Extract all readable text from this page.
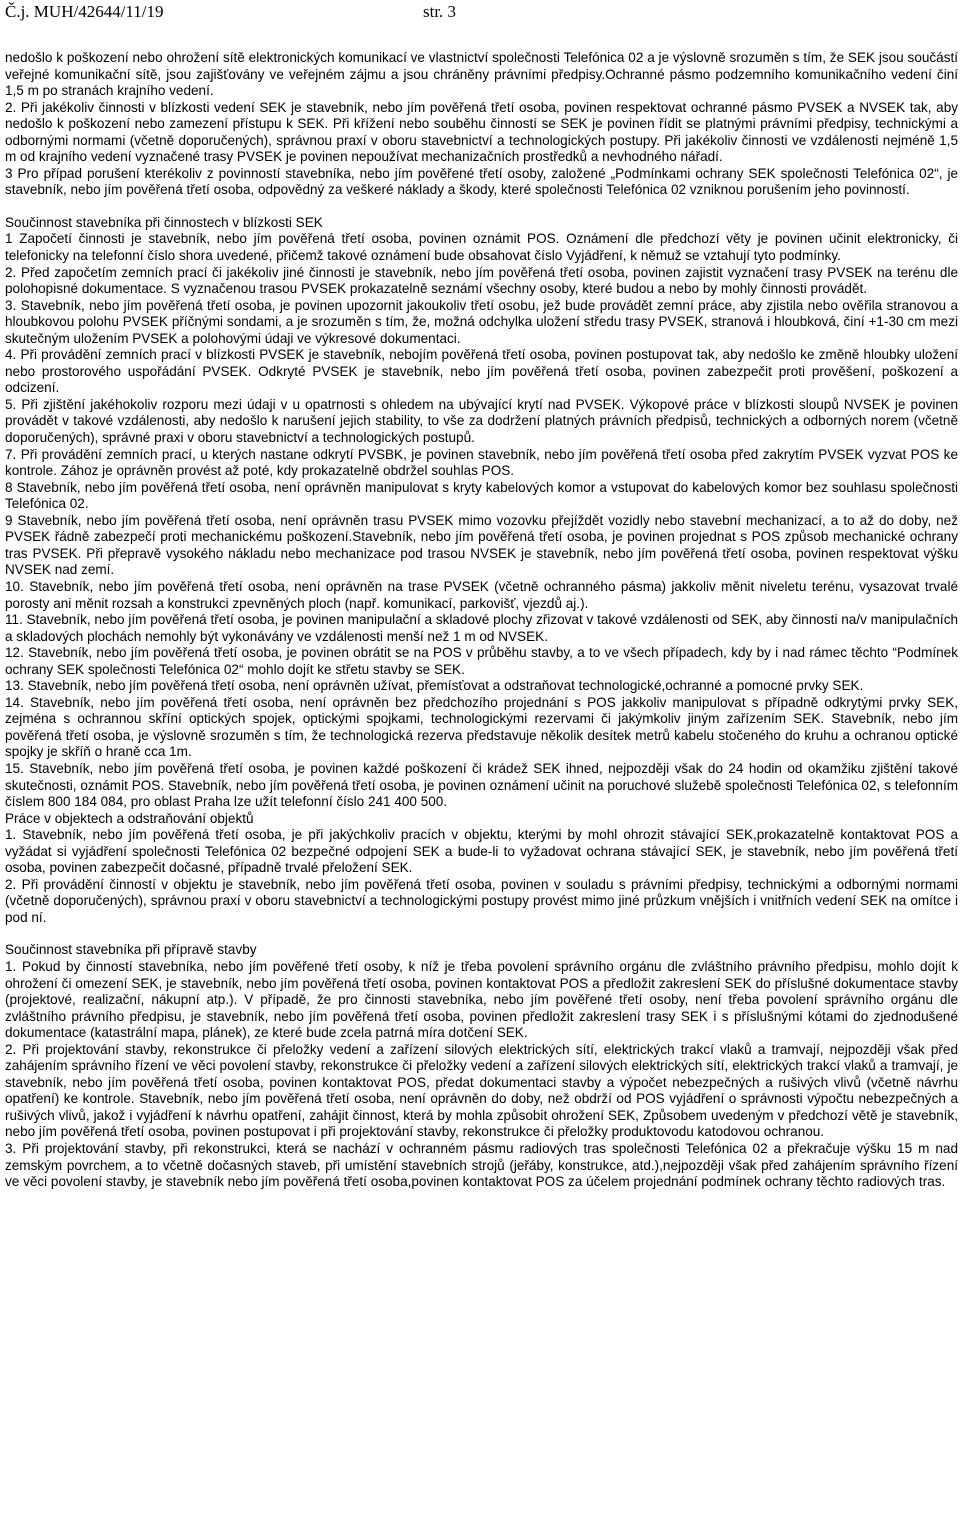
Č.j. MUH/42644/11/19	str. 3

nedošlo k poškození nebo ohrožení sítě elektronických komunikací ve vlastnictví společnosti Telefónica 02 a je výslovně srozuměn s tím, že SEK jsou součástí veřejné komunikační sítě, jsou zajišťovány ve veřejném zájmu a jsou chráněny právními předpisy.Ochranné pásmo podzemního komunikačního vedení činí 1,5 m po stranách krajního vedení.

2. Při jakékoliv činnosti v blízkosti vedení SEK je stavebník, nebo jím pověřená třetí osoba, povinen respektovat ochranné pásmo PVSEK a NVSEK tak, aby nedošlo k poškození nebo zamezení přístupu k SEK. Při křížení nebo souběhu činností se SEK je povinen řídit se platnými právními předpisy, technickými a odbornými normami (včetně doporučených), správnou praxí v oboru stavebnictví a technologických postupy. Při jakékoliv činnosti ve vzdálenosti nejméně 1,5 m od krajního vedení vyznačené trasy PVSEK je povinen nepoužívat mechanizačních prostředků a nevhodného nářadí.

3 Pro případ porušení kterékoliv z povinností stavebníka, nebo jím pověřené třetí osoby, založené „Podmínkami ochrany SEK společnosti Telefónica 02“, je stavebník, nebo jím pověřená třetí osoba, odpovědný za veškeré náklady a škody, které společnosti Telefónica 02 vzniknou porušením jeho povinností.

Součinnost stavebníka při činnostech v blízkosti SEK

1 Započetí činnosti je stavebník, nebo jím pověřená třetí osoba, povinen oznámit POS. Oznámení dle předchozí věty je povinen učinit elektronicky, či telefonicky na telefonní číslo shora uvedené, přičemž takové oznámení bude obsahovat číslo Vyjádření, k němuž se vztahují tyto podmínky.

2. Před započetím zemních prací či jakékoliv jiné činnosti je stavebník, nebo jím pověřená třetí osoba, povinen zajistit vyznačení trasy PVSEK na terénu dle polohopisné dokumentace. S vyznačenou trasou PVSEK prokazatelně seznámí všechny osoby, které budou a nebo by mohly činnosti provádět.

3. Stavebník, nebo jím pověřená třetí osoba, je povinen upozornit jakoukoliv třetí osobu, jež bude provádět zemní práce, aby zjistila nebo ověřila stranovou a hloubkovou polohu PVSEK příčnými sondami, a je srozuměn s tím, že, možná odchylka uložení středu trasy PVSEK, stranová i hloubková, činí +1-30 cm mezi skutečným uložením PVSEK a polohovými údaji ve výkresové dokumentaci.

4. Při provádění zemních prací v blízkosti PVSEK je stavebník, nebojím pověřená třetí osoba, povinen postupovat tak, aby nedošlo ke změně hloubky uložení nebo prostorového uspořádání PVSEK. Odkryté PVSEK je stavebník, nebo jím pověřená třetí osoba, povinen zabezpečit proti prověšení, poškození a odcizení.

5. Při zjištění jakéhokoliv rozporu mezi údaji v u opatrnosti s ohledem na ubývající krytí nad PVSEK. Výkopové práce v blízkosti sloupů NVSEK je povinen provádět v takové vzdálenosti, aby nedošlo k narušení jejich stability, to vše za dodržení platných právních předpisů, technických a odborných norem (včetně doporučených), správné praxi v oboru stavebnictví a technologických postupů.

7. Při provádění zemních prací, u kterých nastane odkrytí PVSBK, je povinen stavebník, nebo jím pověřená třetí osoba před zakrytím PVSEK vyzvat POS ke kontrole. Zához je oprávněn provést až poté, kdy prokazatelně obdržel souhlas POS.

8 Stavebník, nebo jím pověřená třetí osoba, není oprávněn manipulovat s kryty kabelových komor a vstupovat do kabelových komor bez souhlasu společnosti Telefónica 02.

9 Stavebník, nebo jím pověřená třetí osoba, není oprávněn trasu PVSEK mimo vozovku přejíždět vozidly nebo stavební mechanizací, a to až do doby, než PVSEK řádně zabezpečí proti mechanickému poškození.Stavebník, nebo jím pověřená třetí osoba, je povinen projednat s POS způsob mechanické ochrany tras PVSEK. Při přepravě vysokého nákladu nebo mechanizace pod trasou NVSEK je stavebník, nebo jím pověřená třetí osoba, povinen respektovat výšku NVSEK nad zemí.

10. Stavebník, nebo jím pověřená třetí osoba, není oprávněn na trase PVSEK (včetně ochranného pásma) jakkoliv měnit niveletu terénu, vysazovat trvalé porosty ani měnit rozsah a konstrukci zpevněných ploch (např. komunikací, parkovišť, vjezdů aj.).

11. Stavebník, nebo jím pověřená třetí osoba, je povinen manipulační a skladové plochy zřizovat v takové vzdálenosti od SEK, aby činnosti na/v manipulačních a skladových plochách nemohly být vykonávány ve vzdálenosti menší než 1 m od NVSEK.

12. Stavebník, nebo jím pověřená třetí osoba, je povinen obrátit se na POS v průběhu stavby, a to ve všech případech, kdy by i nad rámec těchto “Podmínek ochrany SEK společnosti Telefónica 02“ mohlo dojít ke střetu stavby se SEK.

13. Stavebník, nebo jím pověřená třetí osoba, není oprávněn užívat, přemísťovat a odstraňovat technologické,ochranné a pomocné prvky SEK.

14. Stavebník, nebo jím pověřená třetí osoba, není oprávněn bez předchozího projednání s POS jakkoliv manipulovat s případně odkrytými prvky SEK, zejména s ochrannou skříní optických spojek, optickými spojkami, technologickými rezervami či jakýmkoliv jiným zařízením SEK. Stavebník, nebo jím pověřená třetí osoba, je výslovně srozuměn s tím, že technologická rezerva představuje několik desítek metrů kabelu stočeného do kruhu a ochranou optické spojky je skříň o hraně cca 1m.

15. Stavebník, nebo jím pověřená třetí osoba, je povinen každé poškození či krádež SEK ihned, nejpozději však do 24 hodin od okamžiku zjištění takové skutečnosti, oznámit POS. Stavebník, nebo jím pověřená třetí osoba, je povinen oznámení učinit na poruchové služebě společnosti Telefónica 02, s telefonním číslem 800 184 084, pro oblast Praha lze užít telefonní číslo 241 400 500.

Práce v objektech a odstraňování objektů

1. Stavebník, nebo jím pověřená třetí osoba, je při jakýchkoliv pracích v objektu, kterými by mohl ohrozit stávající SEK,prokazatelně kontaktovat POS a vyžádat si vyjádření společnosti Telefónica 02 bezpečné odpojení SEK a bude-li to vyžadovat ochrana stávající SEK, je stavebník, nebo jím pověřená třetí osoba, povinen zabezpečit dočasné, případně trvalé přeložení SEK.

2. Při provádění činností v objektu je stavebník, nebo jím pověřená třetí osoba, povinen v souladu s právními předpisy, technickými a odbornými normami (včetně doporučených), správnou praxí v oboru stavebnictví a technologickými postupy provést mimo jiné průzkum vnějších i vnitřních vedení SEK na omítce i pod ní.

Součinnost stavebníka při přípravě stavby

1. Pokud by činností stavebníka, nebo jím pověřené třetí osoby, k níž je třeba povolení správního orgánu dle zvláštního právního předpisu, mohlo dojít k ohrožení či omezení SEK, je stavebník, nebo jím pověřená třetí osoba, povinen kontaktovat POS a předložit zakreslení SEK do příslušné dokumentace stavby (projektové, realizační, nákupní atp.). V případě, že pro činnosti stavebníka, nebo jím pověřené třetí osoby, není třeba povolení správního orgánu dle zvláštního právního předpisu, je stavebník, nebo jím pověřená třetí osoba, povinen předložit zakreslení trasy SEK i s příslušnými kótami do zjednodušené dokumentace (katastrální mapa, plánek), ze které bude zcela patrná míra dotčení SEK.

2. Při projektování stavby, rekonstrukce či přeložky vedení a zařízení silových elektrických sítí, elektrických trakcí vlaků a tramvají, nejpozději však před zahájením správního řízení ve věci povolení stavby, rekonstrukce či přeložky vedení a zařízení silových elektrických sítí, elektrických trakcí vlaků a tramvají, je stavebník, nebo jím pověřená třetí osoba, povinen kontaktovat POS, předat dokumentaci stavby a výpočet nebezpečných a rušivých vlivů (včetně návrhu opatření) ke kontrole. Stavebník, nebo jím pověřená třetí osoba, není oprávněn do doby, než obdrží od POS vyjádření o správnosti výpočtu nebezpečných a rušivých vlivů, jakož i vyjádření k návrhu opatření, zahájit činnost, která by mohla způsobit ohrožení SEK, Způsobem uvedeným v předchozí větě je stavebník, nebo jím pověřená třetí osoba, povinen postupovat i při projektování stavby, rekonstrukce či přeložky produktovodu katodovou ochranou.

3. Při projektování stavby, při rekonstrukci, která se nachází v ochranném pásmu radiových tras společnosti Telefónica 02 a překračuje výšku 15 m nad zemským povrchem, a to včetně dočasných staveb, při umístění stavebních strojů (jeřáby, konstrukce, atd.),nejpozději však před zahájením správního řízení ve věci povolení stavby, je stavebník nebo jím pověřená třetí osoba,povinen kontaktovat POS za účelem projednání podmínek ochrany těchto radiových tras.
